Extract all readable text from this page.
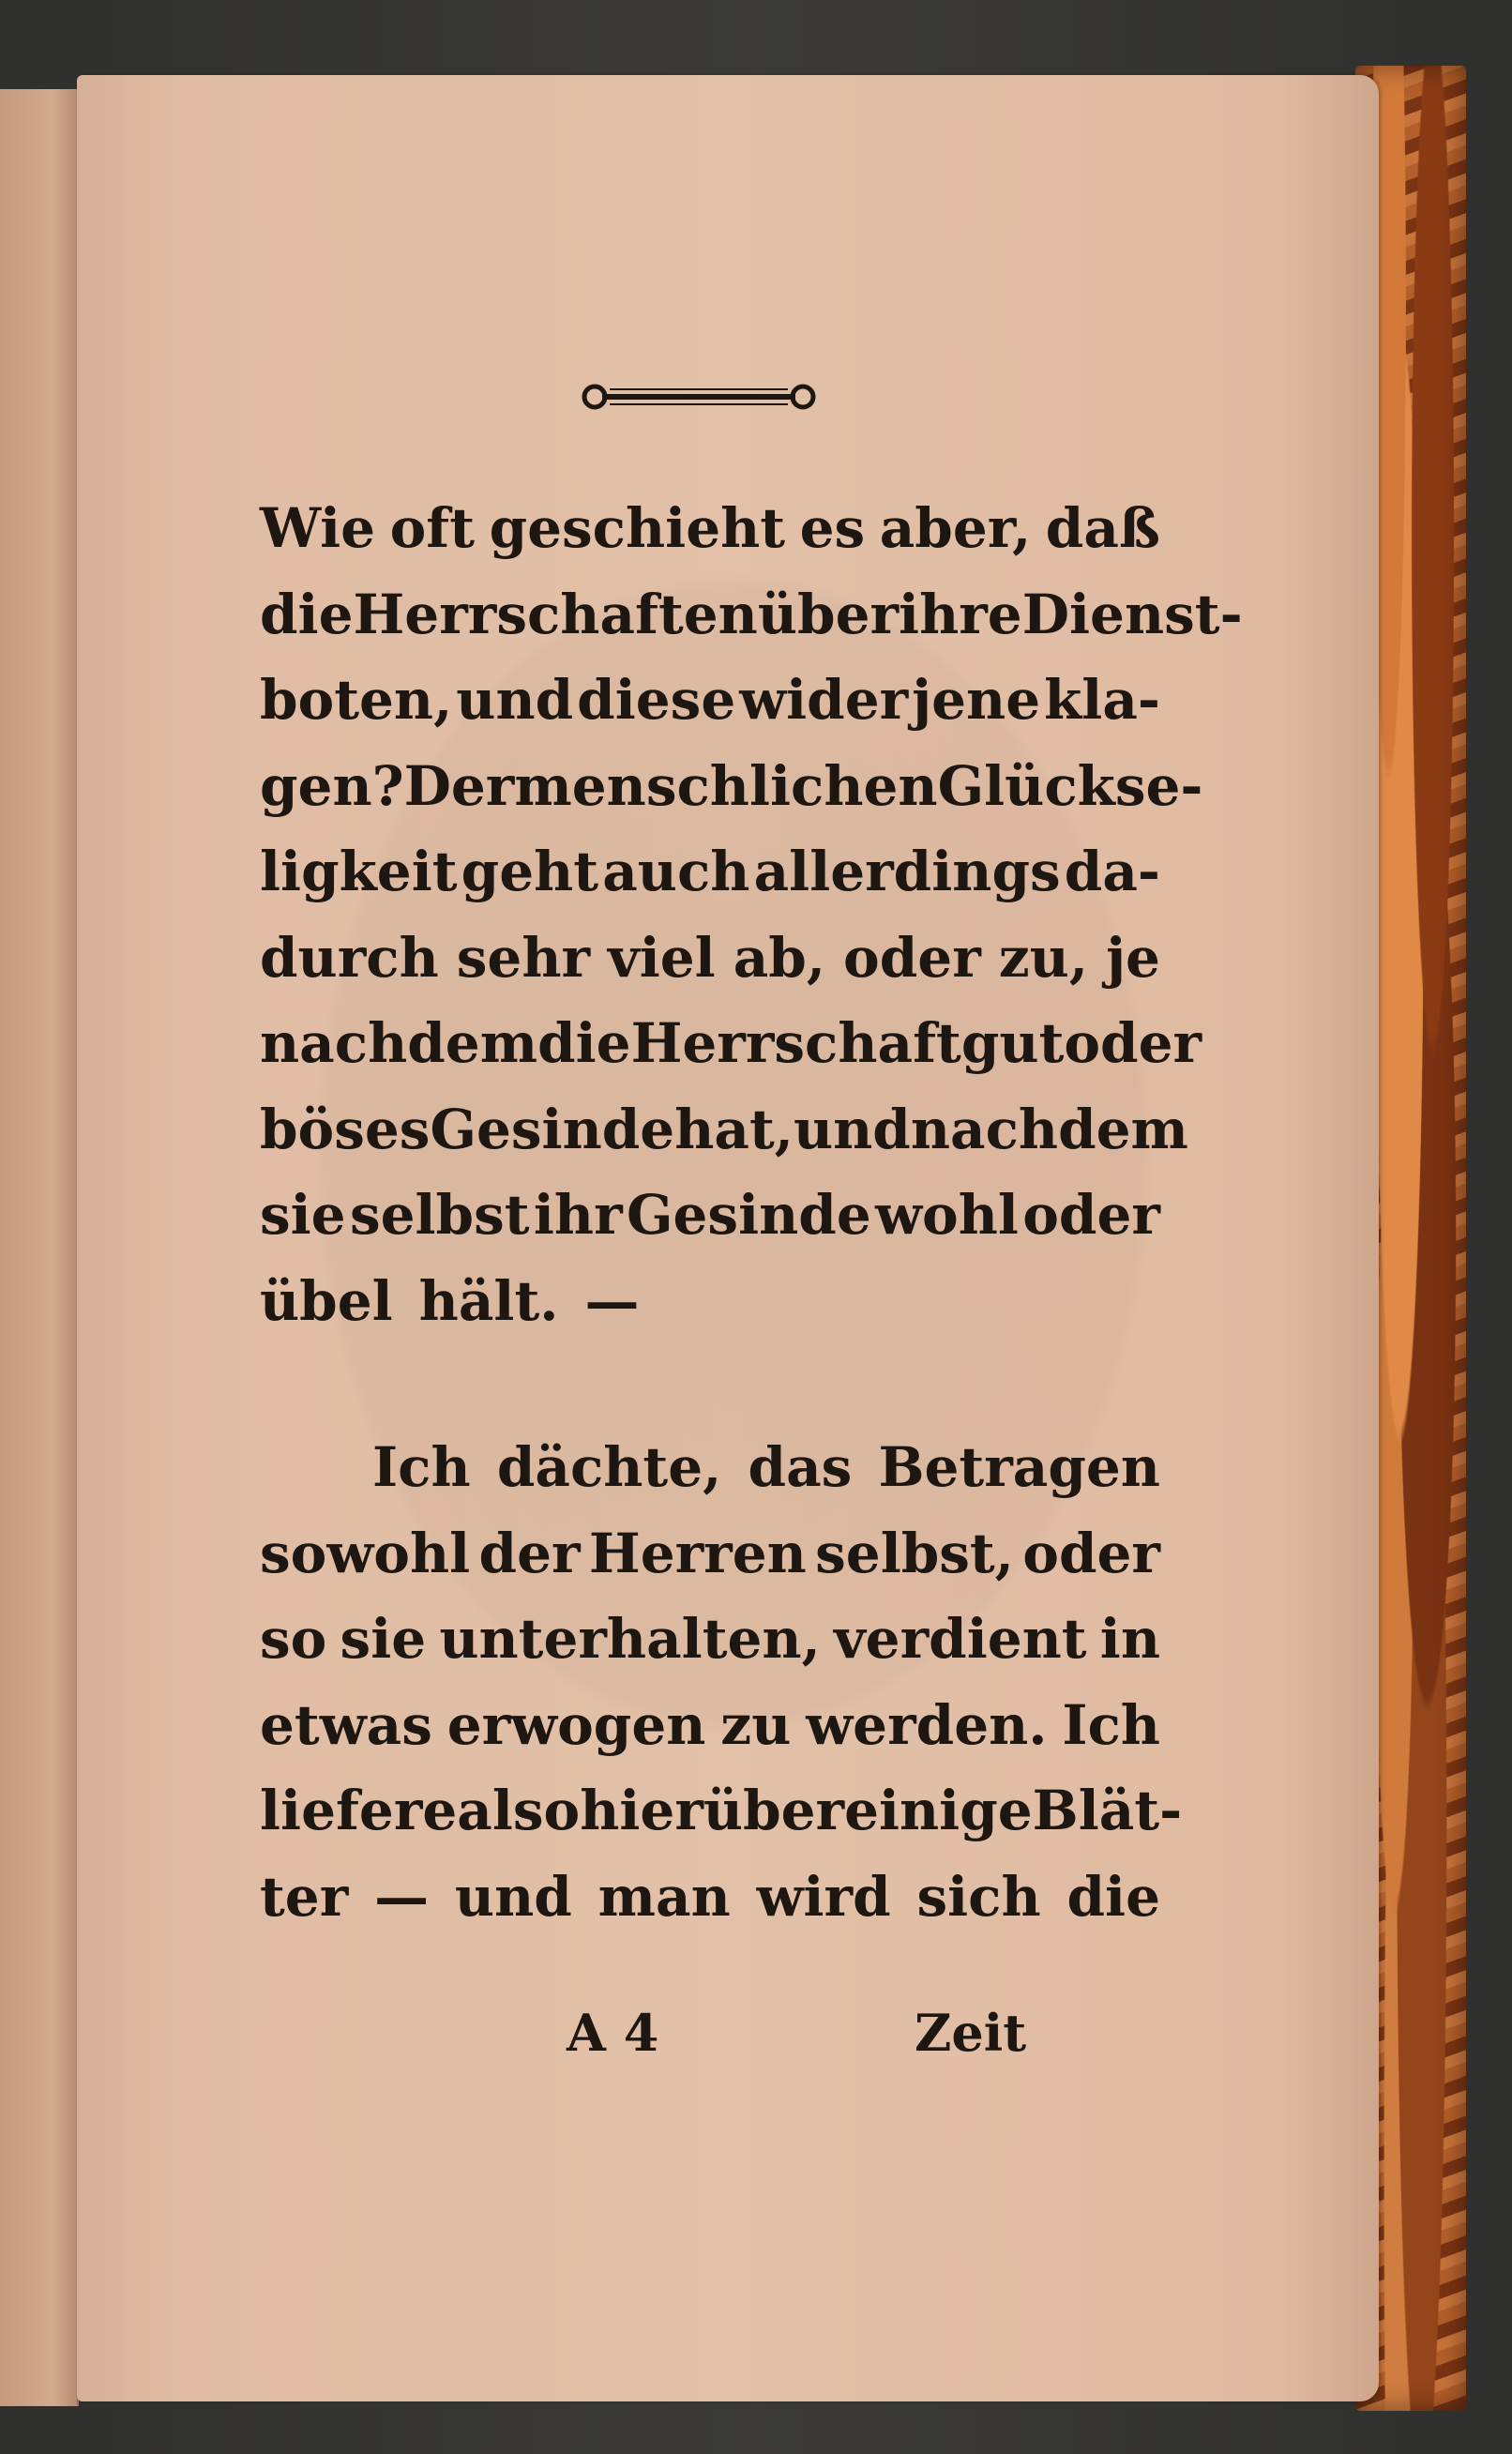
Wie oft geschieht es aber, daß
die Herrschaften über ihre Dienst-
boten, und diese wider jene kla-
gen? Der menschlichen Glückse-
ligkeit geht auch allerdings da-
durch sehr viel ab, oder zu, je
nachdem die Herrschaft gut oder
böses Gesinde hat, und nachdem
sie selbst ihr Gesinde wohl oder
übel hält. —
Ich dächte, das Betragen
sowohl der Herren selbst, oder
so sie unterhalten, verdient in
etwas erwogen zu werden. Ich
liefere also hierüber einige Blät-
ter — und man wird sich die
A 4	Zeit
